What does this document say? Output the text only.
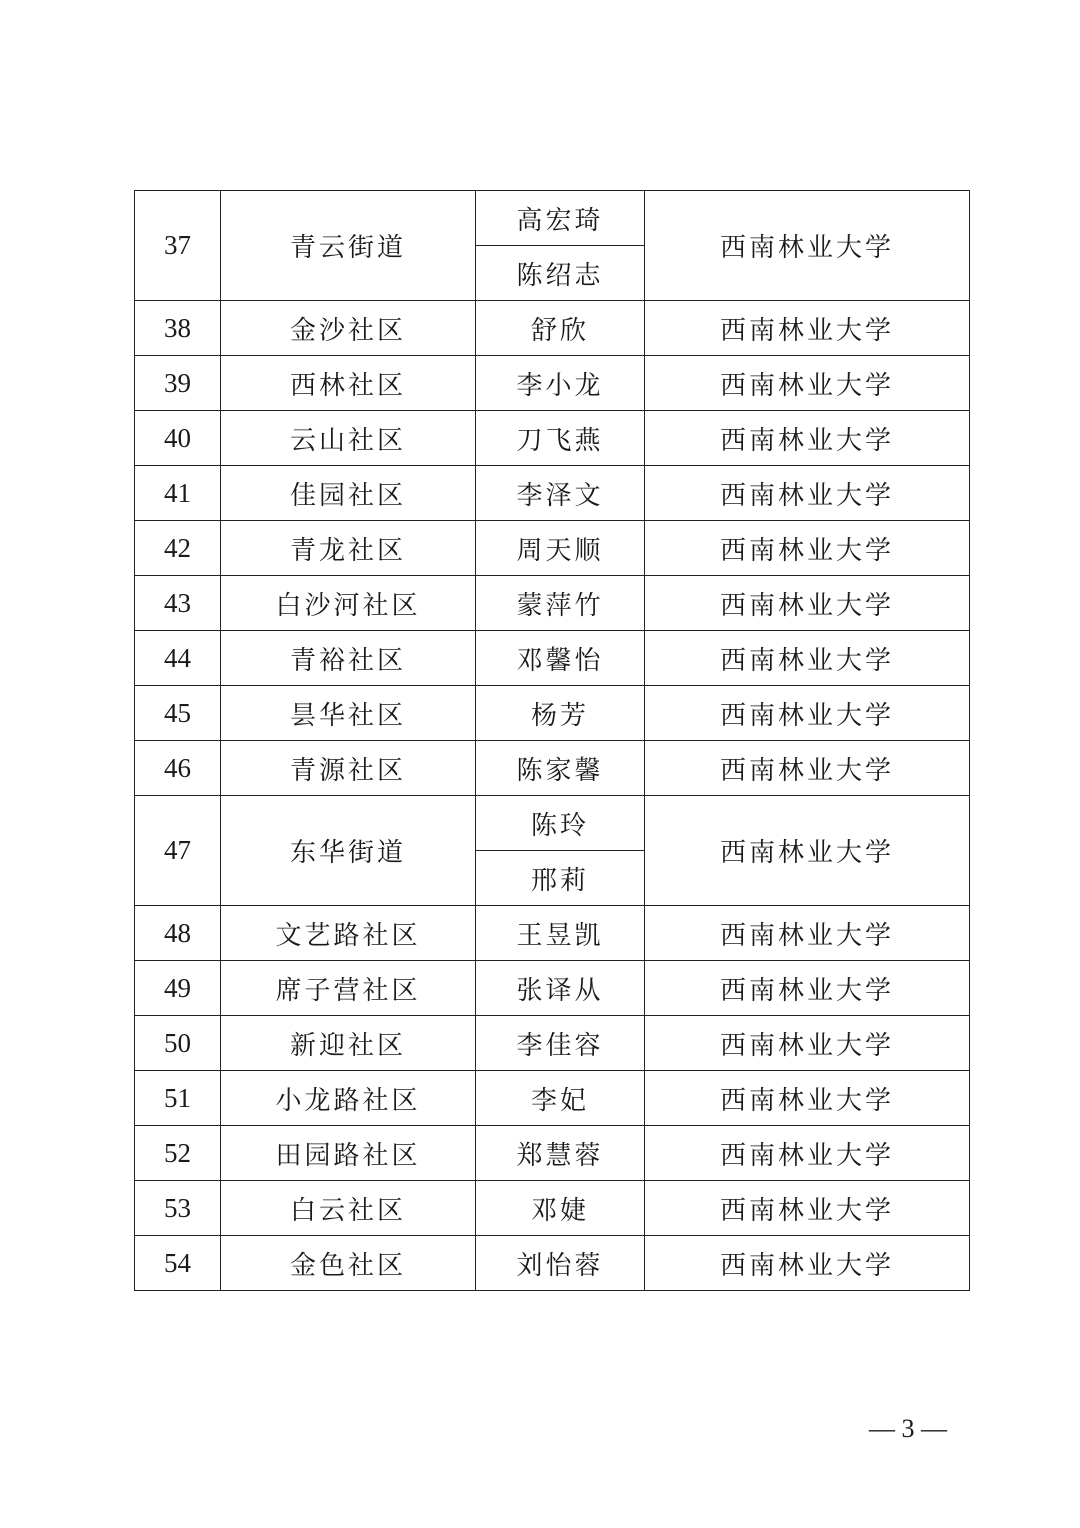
37	青云街道	高宏琦	西南林业大学
		陈绍志	
38	金沙社区	舒欣	西南林业大学
39	西林社区	李小龙	西南林业大学
40	云山社区	刀飞燕	西南林业大学
41	佳园社区	李泽文	西南林业大学
42	青龙社区	周天顺	西南林业大学
43	白沙河社区	蒙萍竹	西南林业大学
44	青裕社区	邓馨怡	西南林业大学
45	昙华社区	杨芳	西南林业大学
46	青源社区	陈家馨	西南林业大学
47	东华街道	陈玲	西南林业大学
		邢莉	
48	文艺路社区	王昱凯	西南林业大学
49	席子营社区	张译从	西南林业大学
50	新迎社区	李佳容	西南林业大学
51	小龙路社区	李妃	西南林业大学
52	田园路社区	郑慧蓉	西南林业大学
53	白云社区	邓婕	西南林业大学
54	金色社区	刘怡蓉	西南林业大学
— 3 —
